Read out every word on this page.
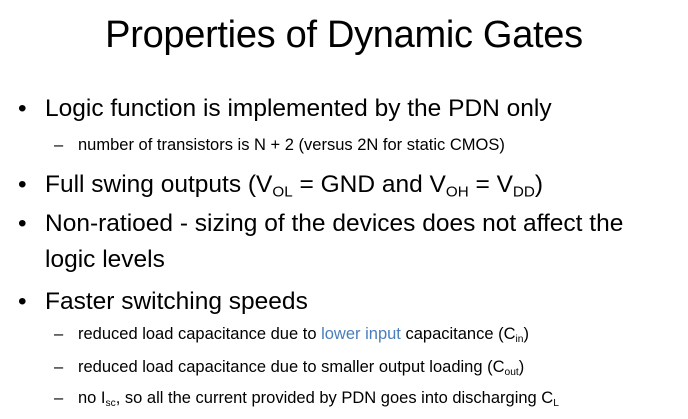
Properties of Dynamic Gates
• Logic function is implemented by the PDN only
– number of transistors is N + 2 (versus 2N for static CMOS)
• Full swing outputs ($V_{OL}$ = GND and $V_{OH} = V_{DD}$)
• Non-ratioed - sizing of the devices does not affect the
logic levels
• Faster switching speeds
– reduced load capacitance due to lower input capacitance $(C_{in})$
– reduced load capacitance due to smaller output loading $(C_{out})$
– no $I_{sc}$, so all the current provided by PDN goes into discharging $C_L$
